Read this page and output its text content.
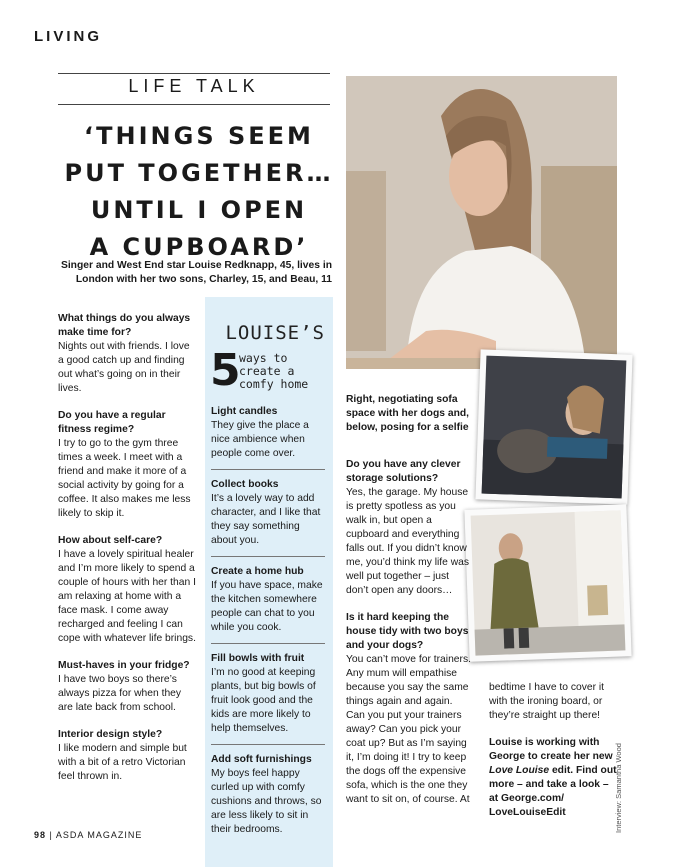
LIVING
LIFE TALK
‘THINGS SEEM
PUT TOGETHER…
UNTIL I OPEN
A CUPBOARD’
Singer and West End star Louise Redknapp, 45, lives in London with her two sons, Charley, 15, and Beau, 11

What things do you always make time for?
Nights out with friends. I love a good catch up and finding out what’s going on in their lives.

Do you have a regular fitness regime?
I try to go to the gym three times a week. I meet with a friend and make it more of a social activity by going for a coffee. It also makes me less likely to skip it.

How about self-care?
I have a lovely spiritual healer and I’m more likely to spend a couple of hours with her than I am relaxing at home with a face mask. I come away recharged and feeling I can cope with whatever life brings.

Must-haves in your fridge?
I have two boys so there’s always pizza for when they are late back from school.

Interior design style?
I like modern and simple but with a bit of a retro Victorian feel thrown in.

LOUISE’S
5
ways to
create a
comfy home
Light candles
They give the place a nice ambience when people come over.
Collect books
It’s a lovely way to add character, and I like that they say something about you.
Create a home hub
If you have space, make the kitchen somewhere people can chat to you while you cook.
Fill bowls with fruit
I’m no good at keeping plants, but big bowls of fruit look good and the kids are more likely to help themselves.
Add soft furnishings
My boys feel happy curled up with comfy cushions and throws, so are less likely to sit in their bedrooms.
Right, negotiating sofa space with her dogs and, below, posing for a selfie

Do you have any clever storage solutions?
Yes, the garage. My house is pretty spotless as you walk in, but open a cupboard and everything falls out. If you didn’t know me, you’d think my life was well put together – just don’t open any doors…

Is it hard keeping the house tidy with two boys and your dogs?
You can’t move for trainers. Any mum will empathise because you say the same things again and again. Can you put your trainers away? Can you pick your coat up? But as I’m saying it, I’m doing it! I try to keep the dogs off the expensive sofa, which is the one they want to sit on, of course. At

bedtime I have to cover it with the ironing board, or they’re straight up there!

Louise is working with George to create her new Love Louise edit. Find out more – and take a look – at George.com/ LoveLouiseEdit	Interview: Samantha Wood
98 | ASDA MAGAZINE
